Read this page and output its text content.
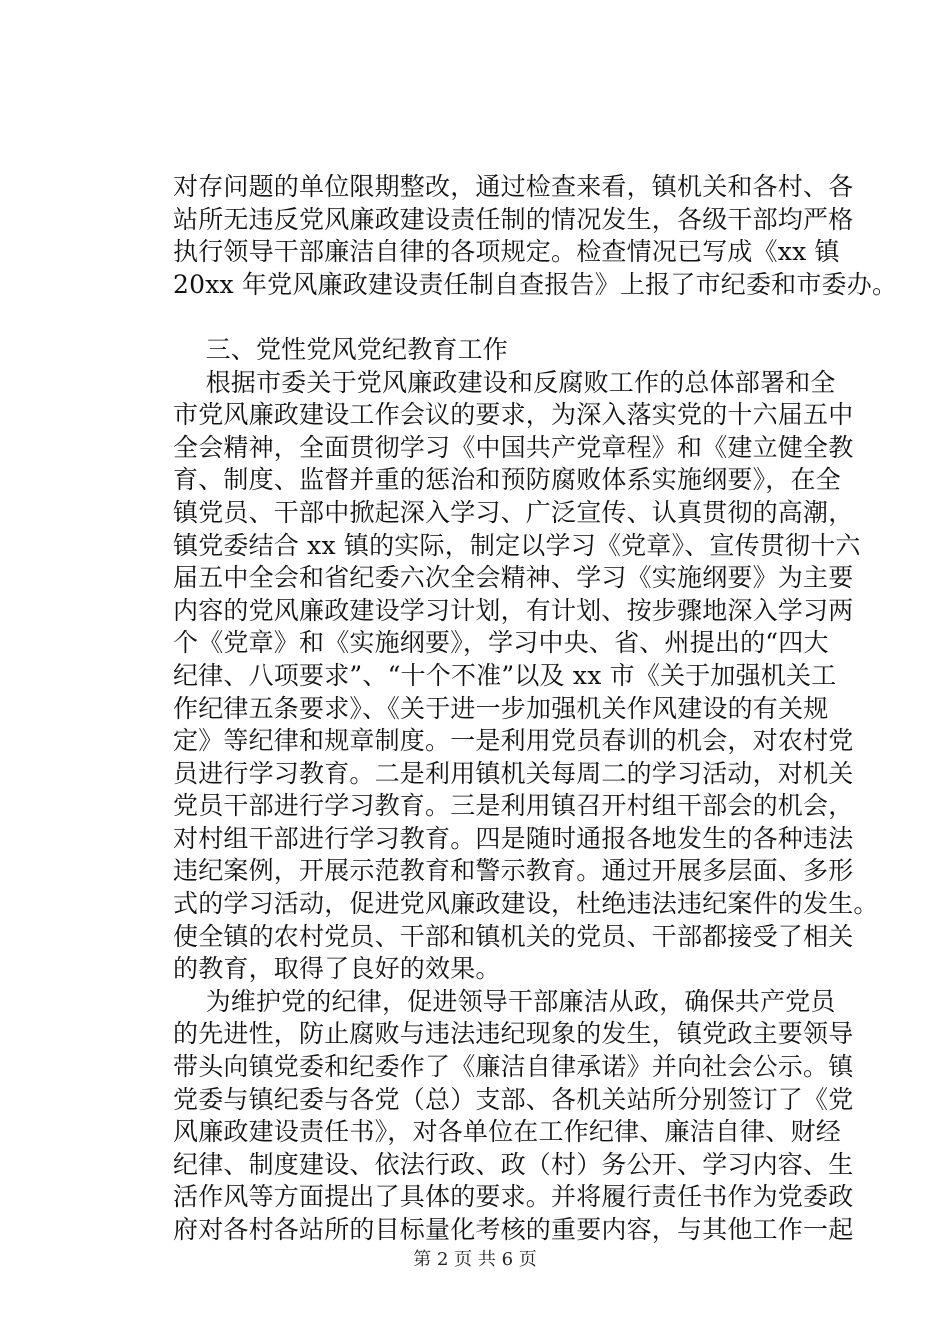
对存问题的单位限期整改，通过检查来看，镇机关和各村、各
站所无违反党风廉政建设责任制的情况发生，各级干部均严格
执行领导干部廉洁自律的各项规定。检查情况已写成《xx 镇
20xx 年党风廉政建设责任制自查报告》上报了市纪委和市委办。
三、党性党风党纪教育工作
根据市委关于党风廉政建设和反腐败工作的总体部署和全
市党风廉政建设工作会议的要求，为深入落实党的十六届五中
全会精神，全面贯彻学习《中国共产党章程》和《建立健全教
育、制度、监督并重的惩治和预防腐败体系实施纲要》，在全
镇党员、干部中掀起深入学习、广泛宣传、认真贯彻的高潮，
镇党委结合 xx 镇的实际，制定以学习《党章》、宣传贯彻十六
届五中全会和省纪委六次全会精神、学习《实施纲要》为主要
内容的党风廉政建设学习计划，有计划、按步骤地深入学习两
个《党章》和《实施纲要》，学习中央、省、州提出的“四大
纪律、八项要求”、“十个不准”以及 xx 市《关于加强机关工
作纪律五条要求》、《关于进一步加强机关作风建设的有关规
定》等纪律和规章制度。一是利用党员春训的机会，对农村党
员进行学习教育。二是利用镇机关每周二的学习活动，对机关
党员干部进行学习教育。三是利用镇召开村组干部会的机会，
对村组干部进行学习教育。四是随时通报各地发生的各种违法
违纪案例，开展示范教育和警示教育。通过开展多层面、多形
式的学习活动，促进党风廉政建设，杜绝违法违纪案件的发生。
使全镇的农村党员、干部和镇机关的党员、干部都接受了相关
的教育，取得了良好的效果。
为维护党的纪律，促进领导干部廉洁从政，确保共产党员
的先进性，防止腐败与违法违纪现象的发生，镇党政主要领导
带头向镇党委和纪委作了《廉洁自律承诺》并向社会公示。镇
党委与镇纪委与各党（总）支部、各机关站所分别签订了《党
风廉政建设责任书》，对各单位在工作纪律、廉洁自律、财经
纪律、制度建设、依法行政、政（村）务公开、学习内容、生
活作风等方面提出了具体的要求。并将履行责任书作为党委政
府对各村各站所的目标量化考核的重要内容，与其他工作一起
第 2 页 共 6 页
